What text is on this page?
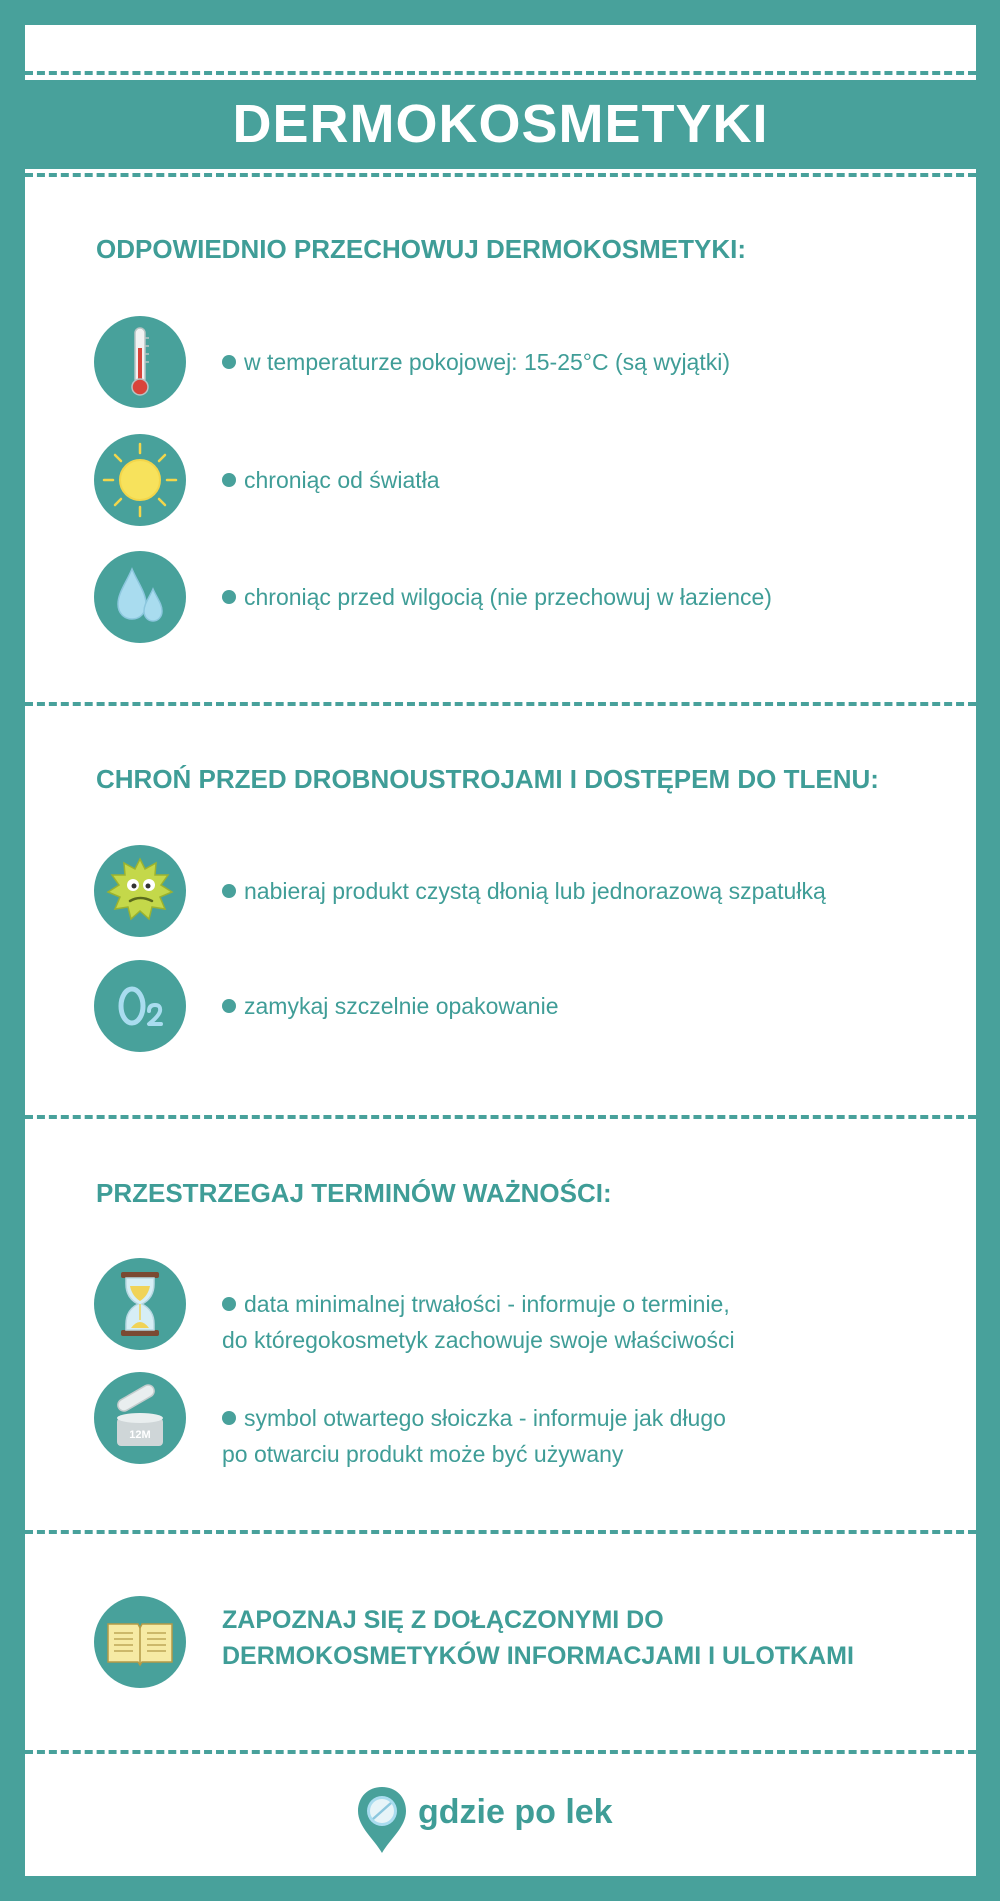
DERMOKOSMETYKI
ODPOWIEDNIO PRZECHOWUJ DERMOKOSMETYKI:
w temperaturze pokojowej: 15-25°C (są wyjątki)
chroniąc od światła
chroniąc przed wilgocią (nie przechowuj w łazience)
CHROŃ PRZED DROBNOUSTROJAMI I DOSTĘPEM DO TLENU:
nabieraj produkt czystą dłonią lub jednorazową szpatułką
zamykaj szczelnie opakowanie
PRZESTRZEGAJ TERMINÓW WAŻNOŚCI:
data minimalnej trwałości - informuje o terminie,
do któregokosmetyk zachowuje swoje właściwości
12M
symbol otwartego słoiczka - informuje jak długo
po otwarciu produkt może być używany
ZAPOZNAJ SIĘ Z DOŁĄCZONYMI DO
DERMOKOSMETYKÓW INFORMACJAMI I ULOTKAMI
gdzie po lek
